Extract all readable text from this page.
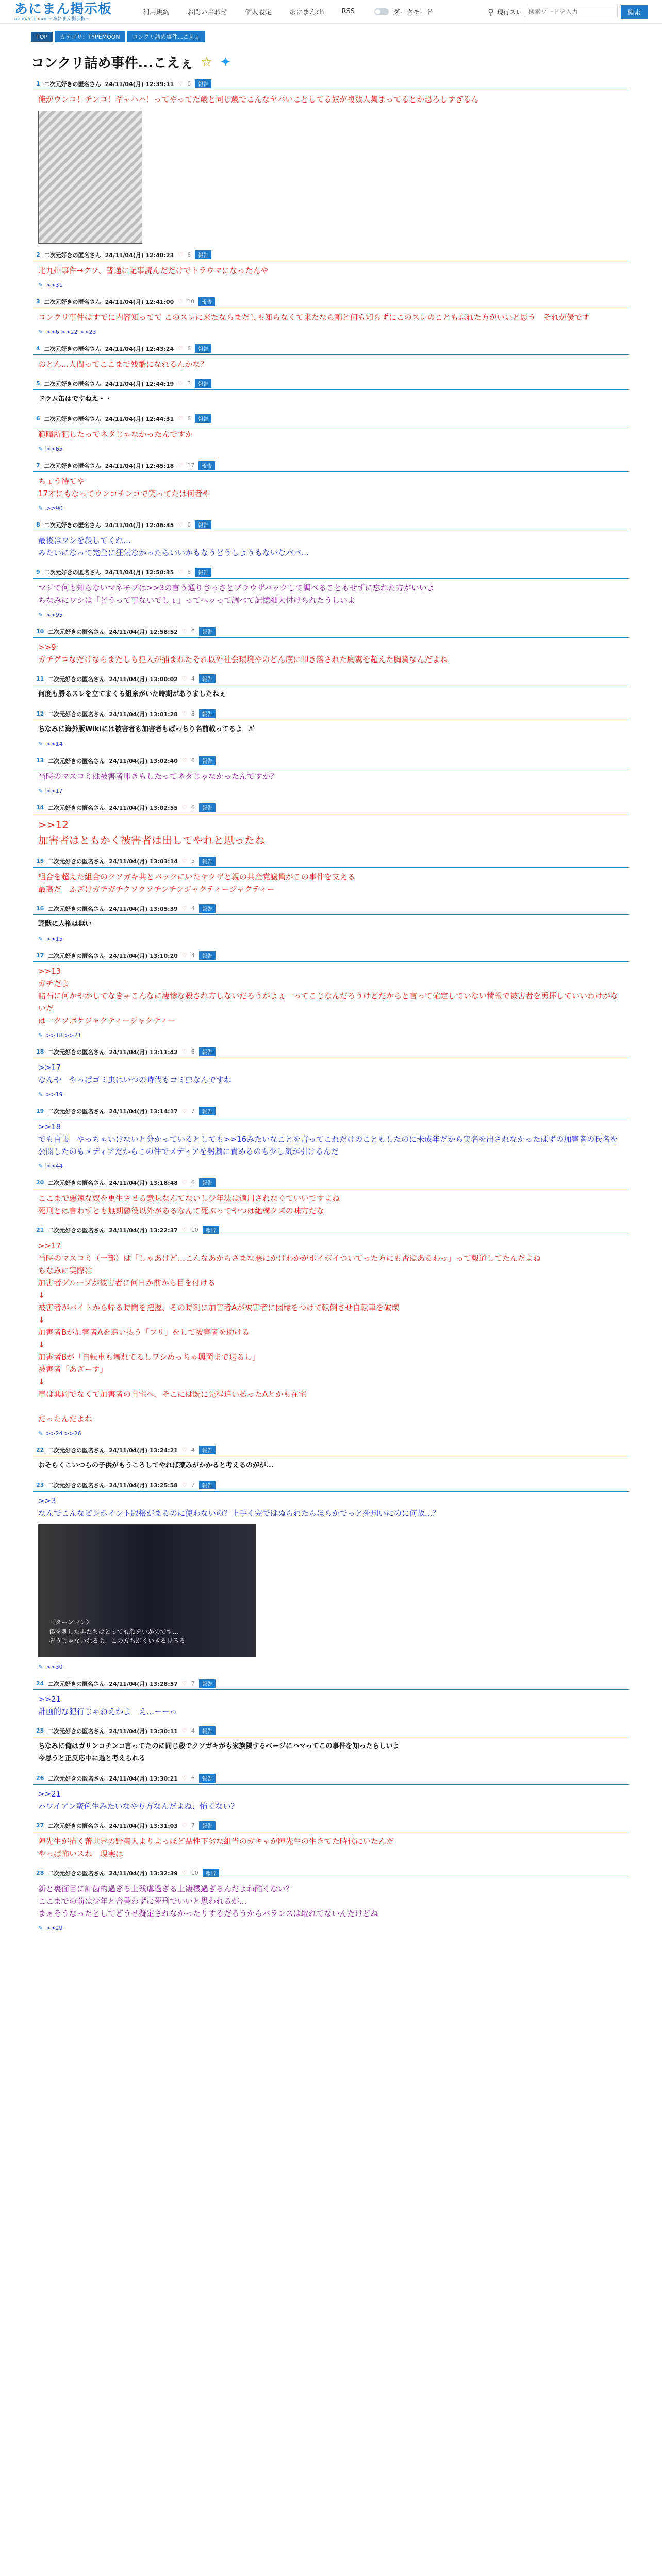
あにまん掲示板
animan board ～あにまん掲示板～
利用規約	お問い合わせ	個人設定	あにまんch	RSS	ダークモード	⚲ 現行スレ
検索ワードを入力	検索
TOP	カテゴリ：TYPEMOON	コンクリ詰め事件...こえぇ
コンクリ詰め事件...こえぇ ☆ ✦
1 二次元好きの匿名さん 24/11/04(月) 12:39:11 ♡ 6	報告
俺がウンコ！チンコ！ギャハハ！ってやってた歳と同じ歳でこんなヤバいことしてる奴が複数人集まってるとか恐ろしすぎるん
2 二次元好きの匿名さん 24/11/04(月) 12:40:23 ♡ 6	報告
北九州事件→クソ、普通に記事読んだだけでトラウマになったんや
✎ >>31
3 二次元好きの匿名さん 24/11/04(月) 12:41:00 ♡ 10	報告
コンクリ事件はすでに内容知ってて このスレに来たならまだしも知らなくて来たなら割と何も知らずにこのスレのことも忘れた方がいいと思う　それが優です
✎ >>6 >>22 >>23
4 二次元好きの匿名さん 24/11/04(月) 12:43:24 ♡ 6	報告
おとん...人間ってここまで残酷になれるんかな？
5 二次元好きの匿名さん 24/11/04(月) 12:44:19 ♡ 3	報告
ドラム缶はですねえ・・
6 二次元好きの匿名さん 24/11/04(月) 12:44:31 ♡ 6	報告
範疇所犯したってネタじゃなかったんですか
✎ >>65
7 二次元好きの匿名さん 24/11/04(月) 12:45:18 ♡ 17	報告
ちょう待てや
17才にもなってウンコチンコで笑ってたは何者や
✎ >>90
8 二次元好きの匿名さん 24/11/04(月) 12:46:35 ♡ 6	報告
最後はワシを殺してくれ…
みたいになって完全に狂気なかったらいいかもなうどうしようもないなパパ…
9 二次元好きの匿名さん 24/11/04(月) 12:50:35 ♡ 6	報告
マジで何も知らないマネモブは>>3の言う通りさっさとブラウザバックして調べることもせずに忘れた方がいいよ
ちなみにワシは「どうって事ないでしょ」ってヘッって調べて記憶細大付けられたうしいよ
✎ >>95
10 二次元好きの匿名さん 24/11/04(月) 12:58:52 ♡ 6	報告
>>9
ガチグロなだけならまだしも犯人が捕まれたそれ以外社会環境やのどん底に叩き落された胸糞を超えた胸糞なんだよね
11 二次元好きの匿名さん 24/11/04(月) 13:00:02 ♡ 4	報告
何度も勝るスレを立てまくる組糸がいた時期がありましたねぇ
12 二次元好きの匿名さん 24/11/04(月) 13:01:28 ♡ 8	報告
ちなみに海外版Wikiには被害者も加害者もばっちり名前載ってるよ　ﾊﾟ
✎ >>14
13 二次元好きの匿名さん 24/11/04(月) 13:02:40 ♡ 6	報告
当時のマスコミは被害者叩きもしたってネタじゃなかったんですか？
✎ >>17
14 二次元好きの匿名さん 24/11/04(月) 13:02:55 ♡ 6	報告
>>12
加害者はともかく被害者は出してやれと思ったね
15 二次元好きの匿名さん 24/11/04(月) 13:03:14 ♡ 5	報告
組合を超えた組合のクソガキ共とバックにいたヤクザと親の共産党議員がこの事件を支える
最高だ　ふざけガチガチクソクソチンチンジャクティージャクティー
16 二次元好きの匿名さん 24/11/04(月) 13:05:39 ♡ 4	報告
野獣に人権は無い
✎ >>15
17 二次元好きの匿名さん 24/11/04(月) 13:10:20 ♡ 4	報告
>>13
ガチだよ
諸石に何かやかしてなきゃこんなに凄惨な殺され方しないだろうがよぇ一ってこじなんだろうけどだからと言って確定していない情報で被害者を勇拝していいわけがないだ
は一クソボケジャクティージャクティー
✎ >>18 >>21
18 二次元好きの匿名さん 24/11/04(月) 13:11:42 ♡ 6	報告
>>17
なんや　やっぱゴミ虫はいつの時代もゴミ虫なんですね
✎ >>19
19 二次元好きの匿名さん 24/11/04(月) 13:14:17 ♡ 7	報告
>>18
でも白帳　やっちゃいけないと分かっているとしても>>16みたいなことを言ってこれだけのこともしたのに未成年だから実名を出されなかったばずの加害者の氏名を公開したのもメディアだからこの件でメディアを躬劇に責めるのも少し気が引けるんだ
✎ >>44
20 二次元好きの匿名さん 24/11/04(月) 13:18:48 ♡ 6	報告
ここまで悪辣な奴を更生させる意味なんてないし少年法は適用されなくていいですよね
死刑とは言わずとも無期懲役以外があるなんて死ぶってやつは絶構クズの味方だな
21 二次元好きの匿名さん 24/11/04(月) 13:22:37 ♡ 10	報告
>>17
当時のマスコミ（一部）は「しゃあけど…こんなあからさまな悪にかけわかがボイボイついてった方にも否はあるわっ」って報道してたんだよね
ちなみに実際は
加害者グループが被害者に何日か前から目を付ける
↓
被害者がバイトから帰る時間を把握、その時刻に加害者Aが被害者に因縁をつけて転倒させ自転車を破壊
↓
加害者Bが加害者Aを追い払う「フリ」をして被害者を助ける
↓
加害者Bが「自転車も壊れてるしワシめっちゃ興岡まで送るし」
被害者「あざーす」
↓
車は興岡でなくて加害者の自宅へ、そこには既に先程追い払ったAとかも在宅

だったんだよね
✎ >>24 >>26
22 二次元好きの匿名さん 24/11/04(月) 13:24:21 ♡ 4	報告
おそらくこいつらの子供がもうころしてやれば薬みがかかると考えるのがが...
23 二次元好きの匿名さん 24/11/04(月) 13:25:58 ♡ 7	報告
>>3
なんでこんなピンポイント跟撥がまるのに使わないの？上手く完ではぬられたらほらかでっと死刑いにのに何故...？
〈ターンマン〉
僕を刺した男たちはとっても顔をいかのです...
ぞうじゃないなるよ、この方ちがくいきる見るる
✎ >>30
24 二次元好きの匿名さん 24/11/04(月) 13:28:57 ♡ 7	報告
>>21
計画的な犯行じゃねえかよ　え…ーーっ
25 二次元好きの匿名さん 24/11/04(月) 13:30:11 ♡ 4	報告
ちなみに俺はガリンコチンコ言ってたのに同じ歳でクソガキがも家族隣するベージにハマってこの事件を知ったらしいよ
今思うと正反応中に過と考えられる
26 二次元好きの匿名さん 24/11/04(月) 13:30:21 ♡ 6	報告
>>21
ハワイアン蛮色生みたいなやり方なんだよね、怖くない？
27 二次元好きの匿名さん 24/11/04(月) 13:31:03 ♡ 7	報告
陣先生が描く蕃世界の野蛮人よりよっぽど品性下劣な組当のガキャが陣先生の生きてた時代にいたんだ
やっぱ怖いスね　現実は
28 二次元好きの匿名さん 24/11/04(月) 13:32:39 ♡ 10	報告
新と裏面目に計歯的過ぎる上残虐過ぎる上凄機過ぎるんだよね酷くない？
ここまでの前は少年と合書わずに死刑でいいと思われるが...
まぁそうなったとしてどうせ擬定されなかったりするだろうからバランスは取れてないんだけどね
✎ >>29
